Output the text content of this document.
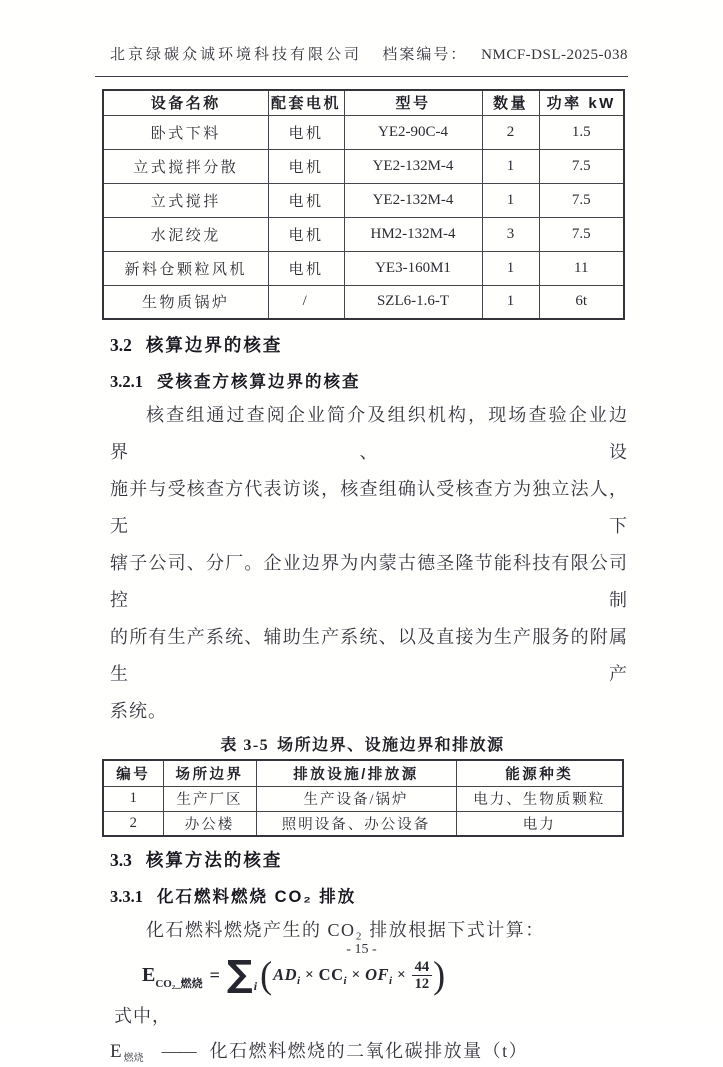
北京绿碳众诚环境科技有限公司 档案编号： NMCF-DSL-2025-038
设备名称	配套电机	型号	数量	功率 kW
卧式下料	电机	YE2-90C-4	2	1.5
立式搅拌分散	电机	YE2-132M-4	1	7.5
立式搅拌	电机	YE2-132M-4	1	7.5
水泥绞龙	电机	HM2-132M-4	3	7.5
新料仓颗粒风机	电机	YE3-160M1	1	11
生物质锅炉	/	SZL6-1.6-T	1	6t
3.2 核算边界的核查
3.2.1 受核查方核算边界的核查
核查组通过查阅企业简介及组织机构，现场查验企业边界、设
施并与受核查方代表访谈，核查组确认受核查方为独立法人，无下
辖子公司、分厂。企业边界为内蒙古德圣隆节能科技有限公司控制
的所有生产系统、辅助生产系统、以及直接为生产服务的附属生产
系统。
表 3-5 场所边界、设施边界和排放源
编号	场所边界	排放设施/排放源	能源种类
1	生产厂区	生产设备/锅炉	电力、生物质颗粒
2	办公楼	照明设备、办公设备	电力
3.3 核算方法的核查
3.3.1 化石燃料燃烧 CO₂ 排放
化石燃料燃烧产生的 CO₂ 排放根据下式计算：
$E_{CO_2\_燃烧}$ = ∑ i ( $AD_i \times CC_i \times OF_i \times \frac{44}{12}$ )
式中，
E $_{燃烧}$ —— 化石燃料燃烧的二氧化碳排放量（t）
- 15 -
